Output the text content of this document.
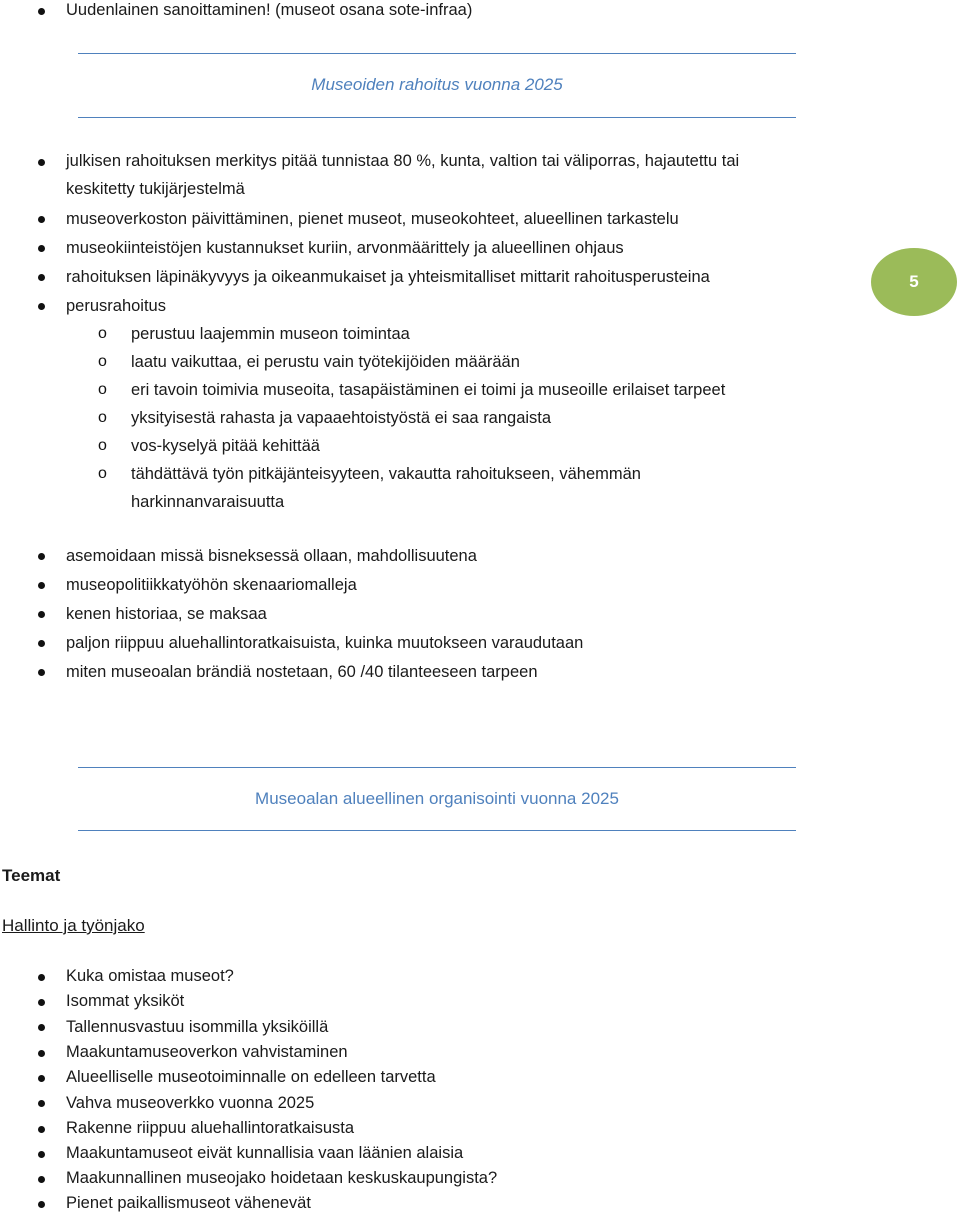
Uudenlainen sanoittaminen! (museot osana sote-infraa)
Museoiden rahoitus vuonna 2025
julkisen rahoituksen merkitys pitää tunnistaa 80 %, kunta, valtion tai väliporras, hajautettu tai
keskitetty tukijärjestelmä
museoverkoston päivittäminen, pienet museot, museokohteet, alueellinen tarkastelu
museokiinteistöjen kustannukset kuriin, arvonmäärittely ja alueellinen ohjaus
rahoituksen läpinäkyvyys ja oikeanmukaiset ja yhteismitalliset mittarit rahoitusperusteina
perusrahoitus
o perustuu laajemmin museon toimintaa
o laatu vaikuttaa, ei perustu vain työtekijöiden määrään
o eri tavoin toimivia museoita, tasapäistäminen ei toimi ja museoille erilaiset tarpeet
o yksityisestä rahasta ja vapaaehtoistyöstä ei saa rangaista
o vos-kyselyä pitää kehittää
o tähdättävä työn pitkäjänteisyyteen, vakautta rahoitukseen, vähemmän
harkinnanvaraisuutta
asemoidaan missä bisneksessä ollaan, mahdollisuutena
museopolitiikkatyöhön skenaariomalleja
kenen historiaa, se maksaa
paljon riippuu aluehallintoratkaisuista, kuinka muutokseen varaudutaan
miten museoalan brändiä nostetaan, 60 /40 tilanteeseen tarpeen
5
Museoalan alueellinen organisointi vuonna 2025
Teemat
Hallinto ja työnjako
Kuka omistaa museot?
Isommat yksiköt
Tallennusvastuu isommilla yksiköillä
Maakuntamuseoverkon vahvistaminen
Alueelliselle museotoiminnalle on edelleen tarvetta
Vahva museoverkko vuonna 2025
Rakenne riippuu aluehallintoratkaisusta
Maakuntamuseot eivät kunnallisia vaan läänien alaisia
Maakunnallinen museojako hoidetaan keskuskaupungista?
Pienet paikallismuseot vähenevät
